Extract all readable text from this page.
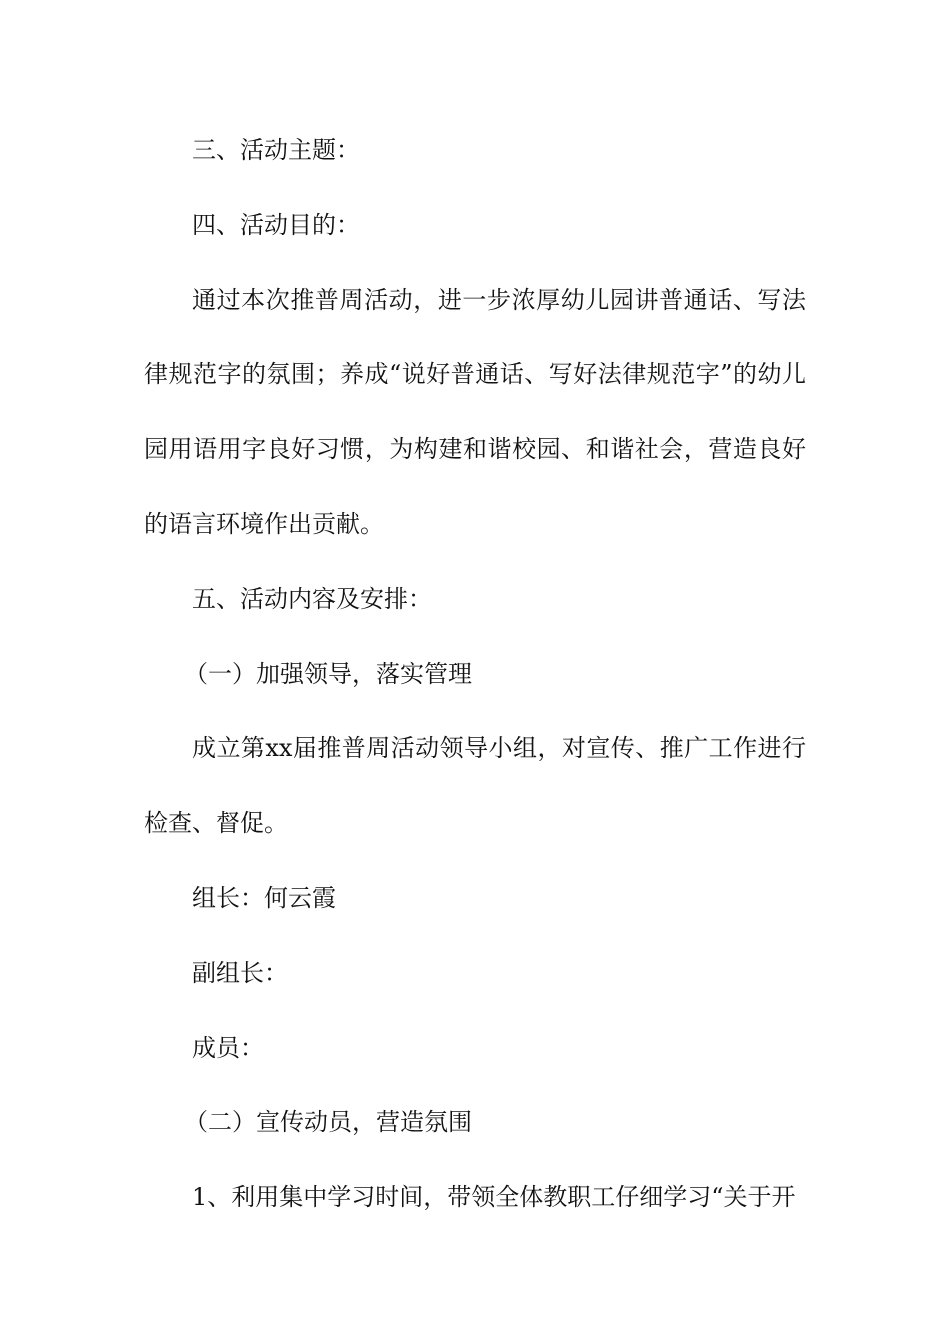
三、活动主题：

四、活动目的：

通过本次推普周活动，进一步浓厚幼儿园讲普通话、写法律规范字的氛围；养成“说好普通话、写好法律规范字”的幼儿园用语用字良好习惯，为构建和谐校园、和谐社会，营造良好的语言环境作出贡献。

五、活动内容及安排：

（一）加强领导，落实管理

成立第xx届推普周活动领导小组，对宣传、推广工作进行检查、督促。

组长：何云霞

副组长：

成员：

（二）宣传动员，营造氛围

1、利用集中学习时间，带领全体教职工仔细学习“关于开
